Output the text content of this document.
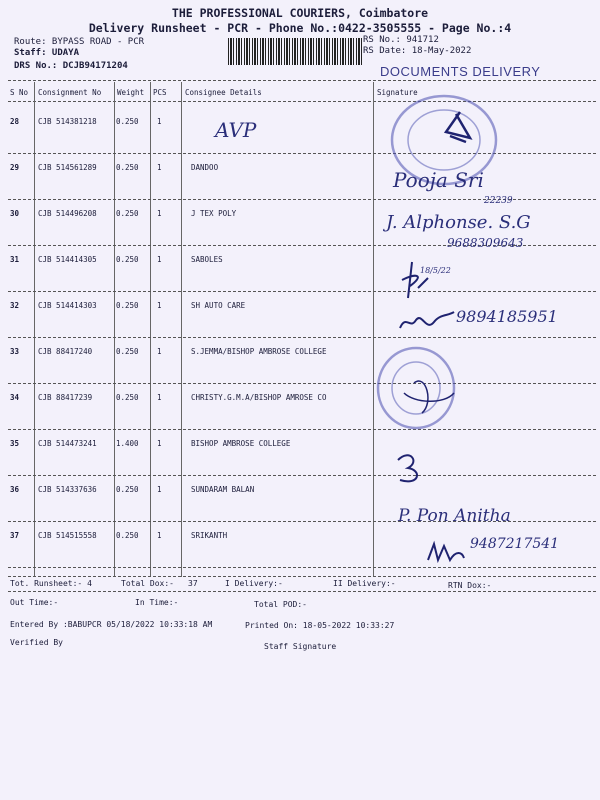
THE PROFESSIONAL COURIERS, Coimbatore
Delivery Runsheet - PCR - Phone No.:0422-3505555 - Page No.:4
Route: BYPASS ROAD - PCR
Staff: UDAYA
DRS No.: DCJB94171204
RS No.: 941712
RS Date: 18-May-2022
DOCUMENTS DELIVERY
S No Consignment No Weight PCS Consignee Details	Signature
28	CJB 514381218	0.250 1
29	CJB 514561289	0.250 1	DANDOO
30	CJB 514496208	0.250 1	J TEX POLY
31	CJB 514414305	0.250 1	SABOLES
32	CJB 514414303	0.250 1	SH AUTO CARE
33	CJB 88417240	0.250 1	S.JEMMA/BISHOP AMBROSE COLLEGE
34	CJB 88417239	0.250 1	CHRISTY.G.M.A/BISHOP AMROSE CO
35	CJB 514473241	1.400 1	BISHOP AMBROSE COLLEGE
36	CJB 514337636	0.250 1	SUNDARAM BALAN
37	CJB 514515558	0.250 1	SRIKANTH
AVP
Pooja Sri
22239
J. Alphonse. S.G
9688309643
18/5/22
9894185951
P. Pon Anitha
9487217541
Tot. Runsheet:- 4	Total Dox:- 37	I Delivery:-	II Delivery:-	RTN Dox:-
Out Time:-	In Time:-	Total POD:-
Entered By :BABUPCR 05/18/2022 10:33:18 AM	Printed On: 18-05-2022 10:33:27
Verified By	Staff Signature
